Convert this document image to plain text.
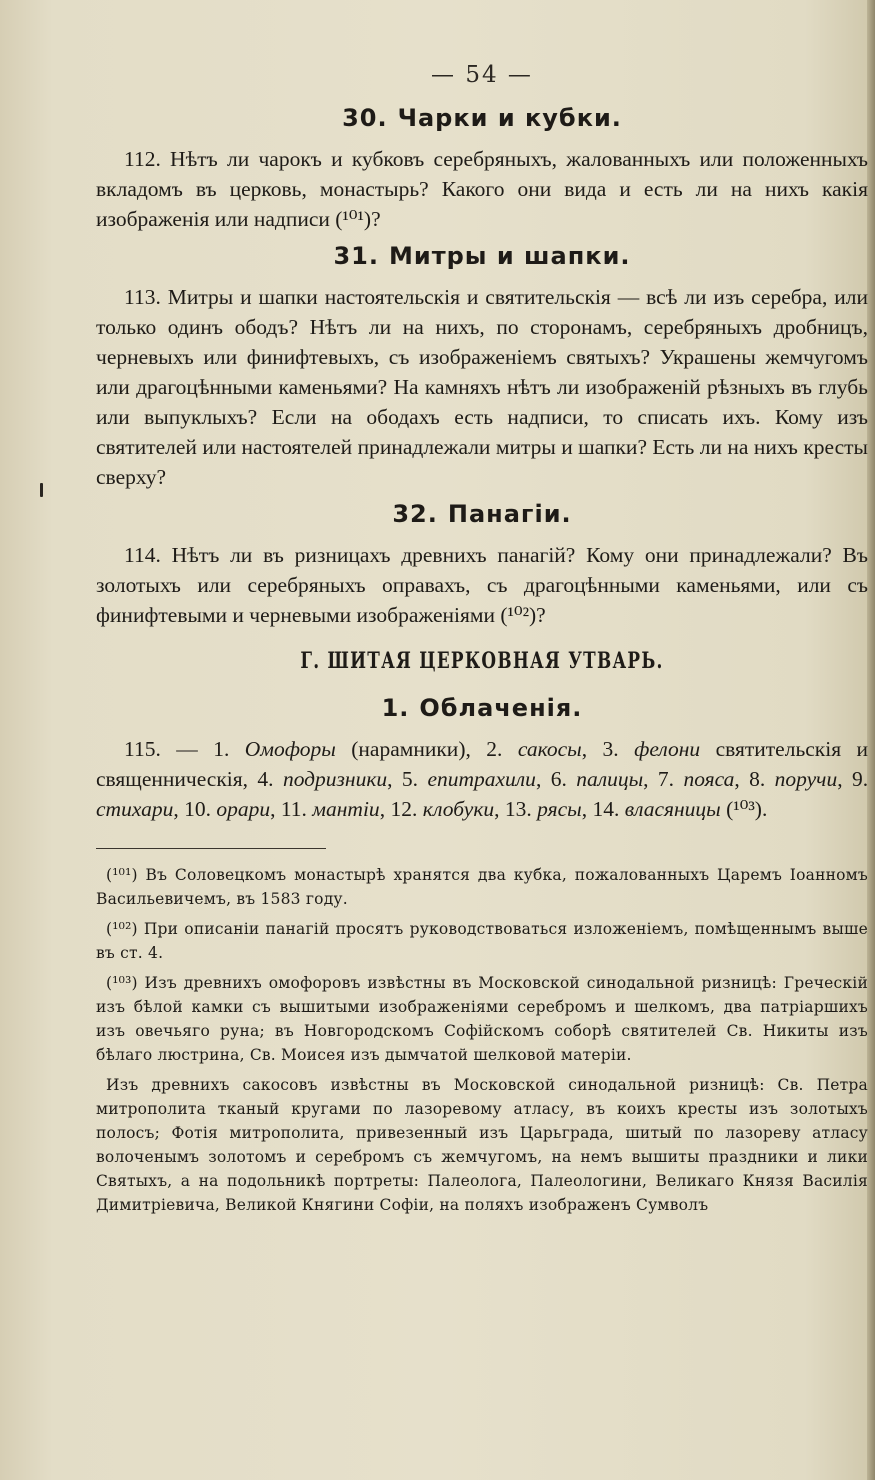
— 54 —
30. Чарки и кубки.

112. Нѣтъ ли чарокъ и кубковъ серебряныхъ, жалованныхъ или положенныхъ вкладомъ въ церковь, монастырь? Какого они вида и есть ли на нихъ какія изображенія или надписи (¹⁰¹)?

31. Митры и шапки.

113. Митры и шапки настоятельскія и святительскія — всѣ ли изъ серебра, или только одинъ ободъ? Нѣтъ ли на нихъ, по сторонамъ, серебряныхъ дробницъ, черневыхъ или финифтевыхъ, съ изображеніемъ святыхъ? Украшены жемчугомъ или драгоцѣнными каменьями? На камняхъ нѣтъ ли изображеній рѣзныхъ въ глубь или выпуклыхъ? Если на ободахъ есть надписи, то списать ихъ. Кому изъ святителей или настоятелей принадлежали митры и шапки? Есть ли на нихъ кресты сверху?

32. Панагіи.

114. Нѣтъ ли въ ризницахъ древнихъ панагій? Кому они принадлежали? Въ золотыхъ или серебряныхъ оправахъ, съ драгоцѣнными каменьями, или съ финифтевыми и черневыми изображеніями (¹⁰²)?

Г. ШИТАЯ ЦЕРКОВНАЯ УТВАРЬ.
1. Облаченія.

115. — 1. Омофоры (нарамники), 2. сакосы, 3. фелони святительскія и священническія, 4. подризники, 5. епитрахили, 6. палицы, 7. пояса, 8. поручи, 9. стихари, 10. орари, 11. мантіи, 12. клобуки, 13. рясы, 14. власяницы (¹⁰³).

(¹⁰¹) Въ Соловецкомъ монастырѣ хранятся два кубка, пожалованныхъ Царемъ Іоанномъ Васильевичемъ, въ 1583 году.

(¹⁰²) При описаніи панагій просятъ руководствоваться изложеніемъ, помѣщеннымъ выше въ ст. 4.

(¹⁰³) Изъ древнихъ омофоровъ извѣстны въ Московской синодальной ризницѣ: Греческій изъ бѣлой камки съ вышитыми изображеніями серебромъ и шелкомъ, два патріаршихъ изъ овечьяго руна; въ Новгородскомъ Софійскомъ соборѣ святителей Св. Никиты изъ бѣлаго люстрина, Св. Моисея изъ дымчатой шелковой матеріи.

Изъ древнихъ сакосовъ извѣстны въ Московской синодальной ризницѣ: Св. Петра митрополита тканый кругами по лазоревому атласу, въ коихъ кресты изъ золотыхъ полосъ; Фотія митрополита, привезенный изъ Царьграда, шитый по лазореву атласу волоченымъ золотомъ и серебромъ съ жемчугомъ, на немъ вышиты праздники и лики Святыхъ, а на подольникѣ портреты: Палеолога, Палеологини, Великаго Князя Василія Димитріевича, Великой Княгини Софіи, на поляхъ изображенъ Сумволъ
